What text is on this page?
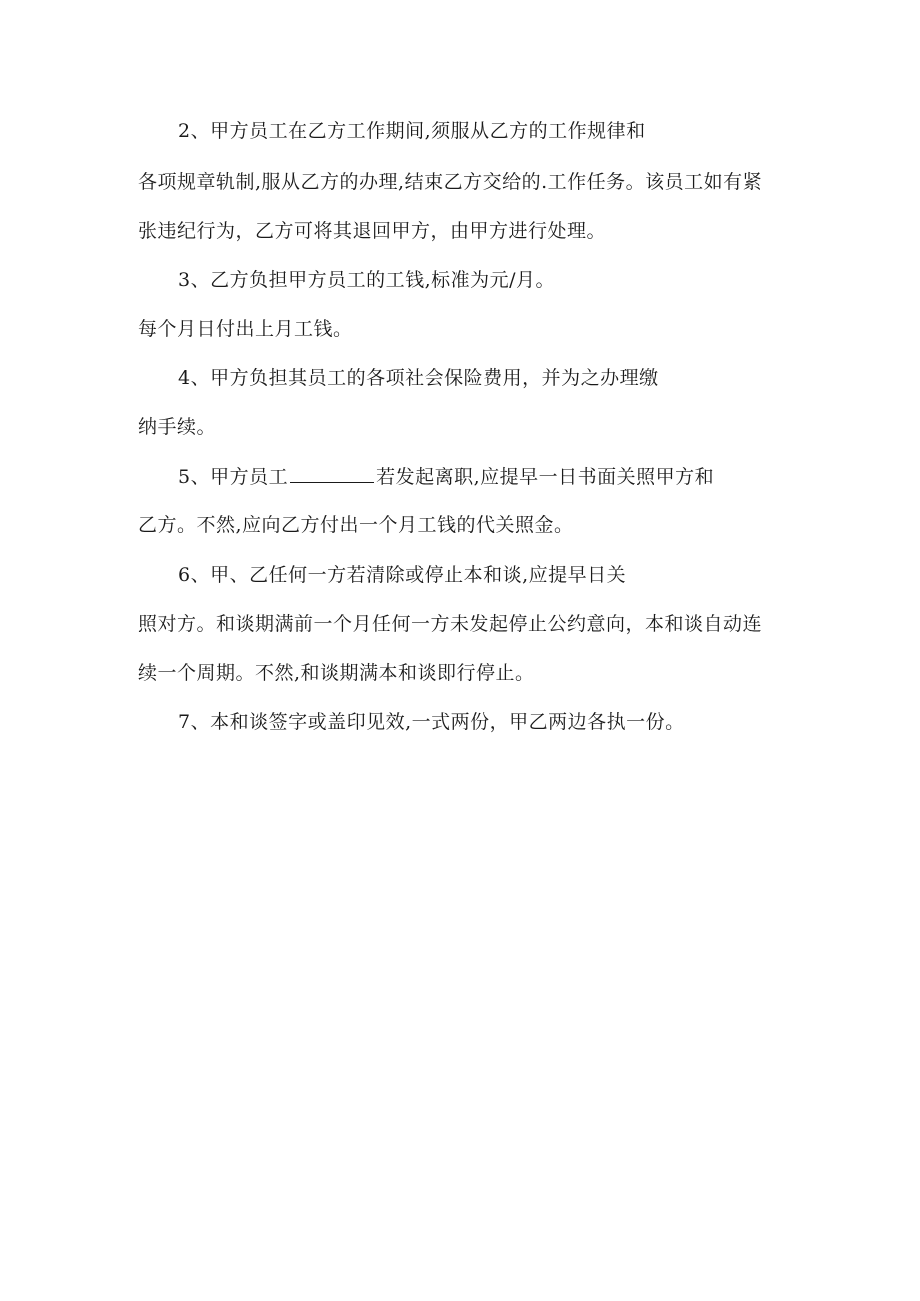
2、甲方员工在乙方工作期间,须服从乙方的工作规律和
各项规章轨制,服从乙方的办理,结束乙方交给的.工作任务。该员工如有紧
张违纪行为，乙方可将其退回甲方，由甲方进行处理。
3、乙方负担甲方员工的工钱,标准为元/月。
每个月日付出上月工钱。
4、甲方负担其员工的各项社会保险费用，并为之办理缴
纳手续。
5、甲方员工	若发起离职,应提早一日书面关照甲方和
乙方。不然,应向乙方付出一个月工钱的代关照金。
6、甲、乙任何一方若清除或停止本和谈,应提早日关
照对方。和谈期满前一个月任何一方未发起停止公约意向，本和谈自动连
续一个周期。不然,和谈期满本和谈即行停止。
7、本和谈签字或盖印见效,一式两份，甲乙两边各执一份。
